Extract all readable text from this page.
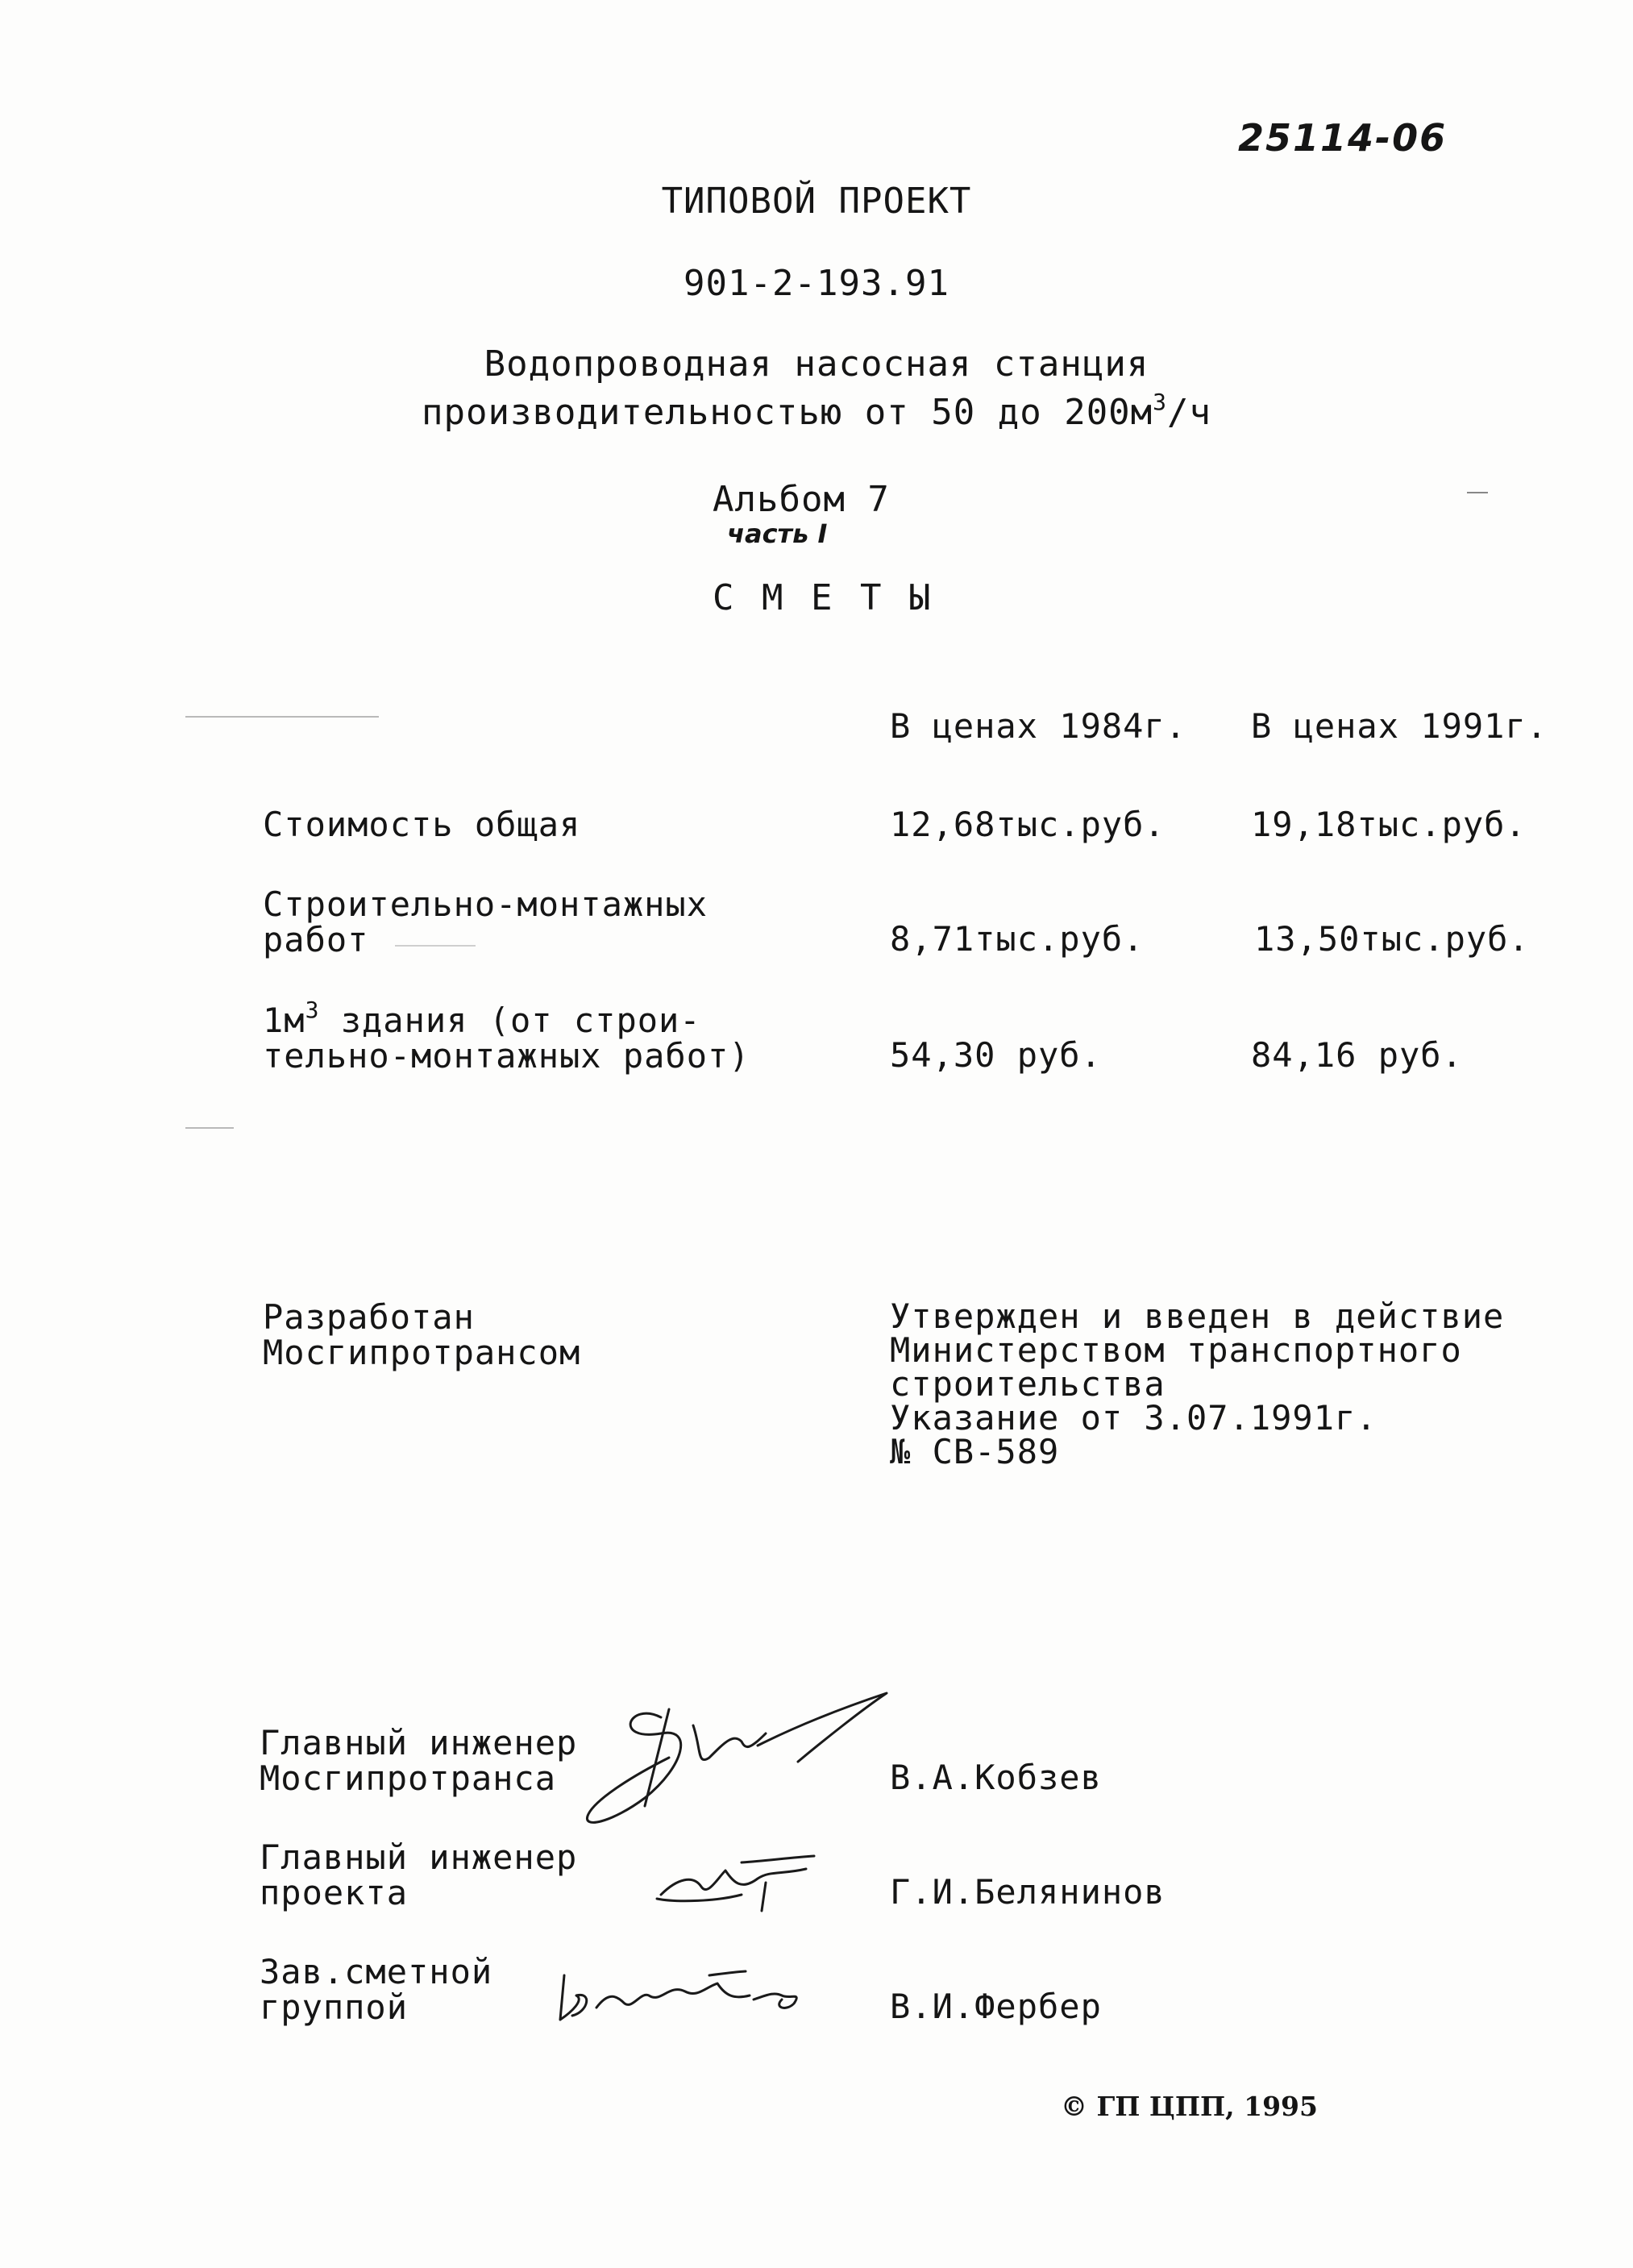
25114-06
ТИПОВОЙ ПРОЕКТ
901-2-193.91
Водопроводная насосная станция
производительностью от 50 до $200м^3/ч$
Альбом 7
часть I
С М Е Т Ы
В ценах 1984г. В ценах 1991г.
Стоимость общая	12,68тыс.руб.	19,18тыс.руб.
Строительно-монтажных
работ	8,71тыс.руб.	13,50тыс.руб.
$1м^3$ здания (от строи-
тельно-монтажных работ)	54,30 руб.	84,16 руб.
Разработан
Мосгипротрансом
Утвержден и введен в действие
Министерством транспортного
строительства
Указание от 3.07.1991г.
№ СВ-589
Главный инженер
Мосгипротранса	В.А.Кобзев
Главный инженер
проекта	Г.И.Белянинов
Зав.сметной
группой	В.И.Фербер
© ГП ЦПП, 1995
